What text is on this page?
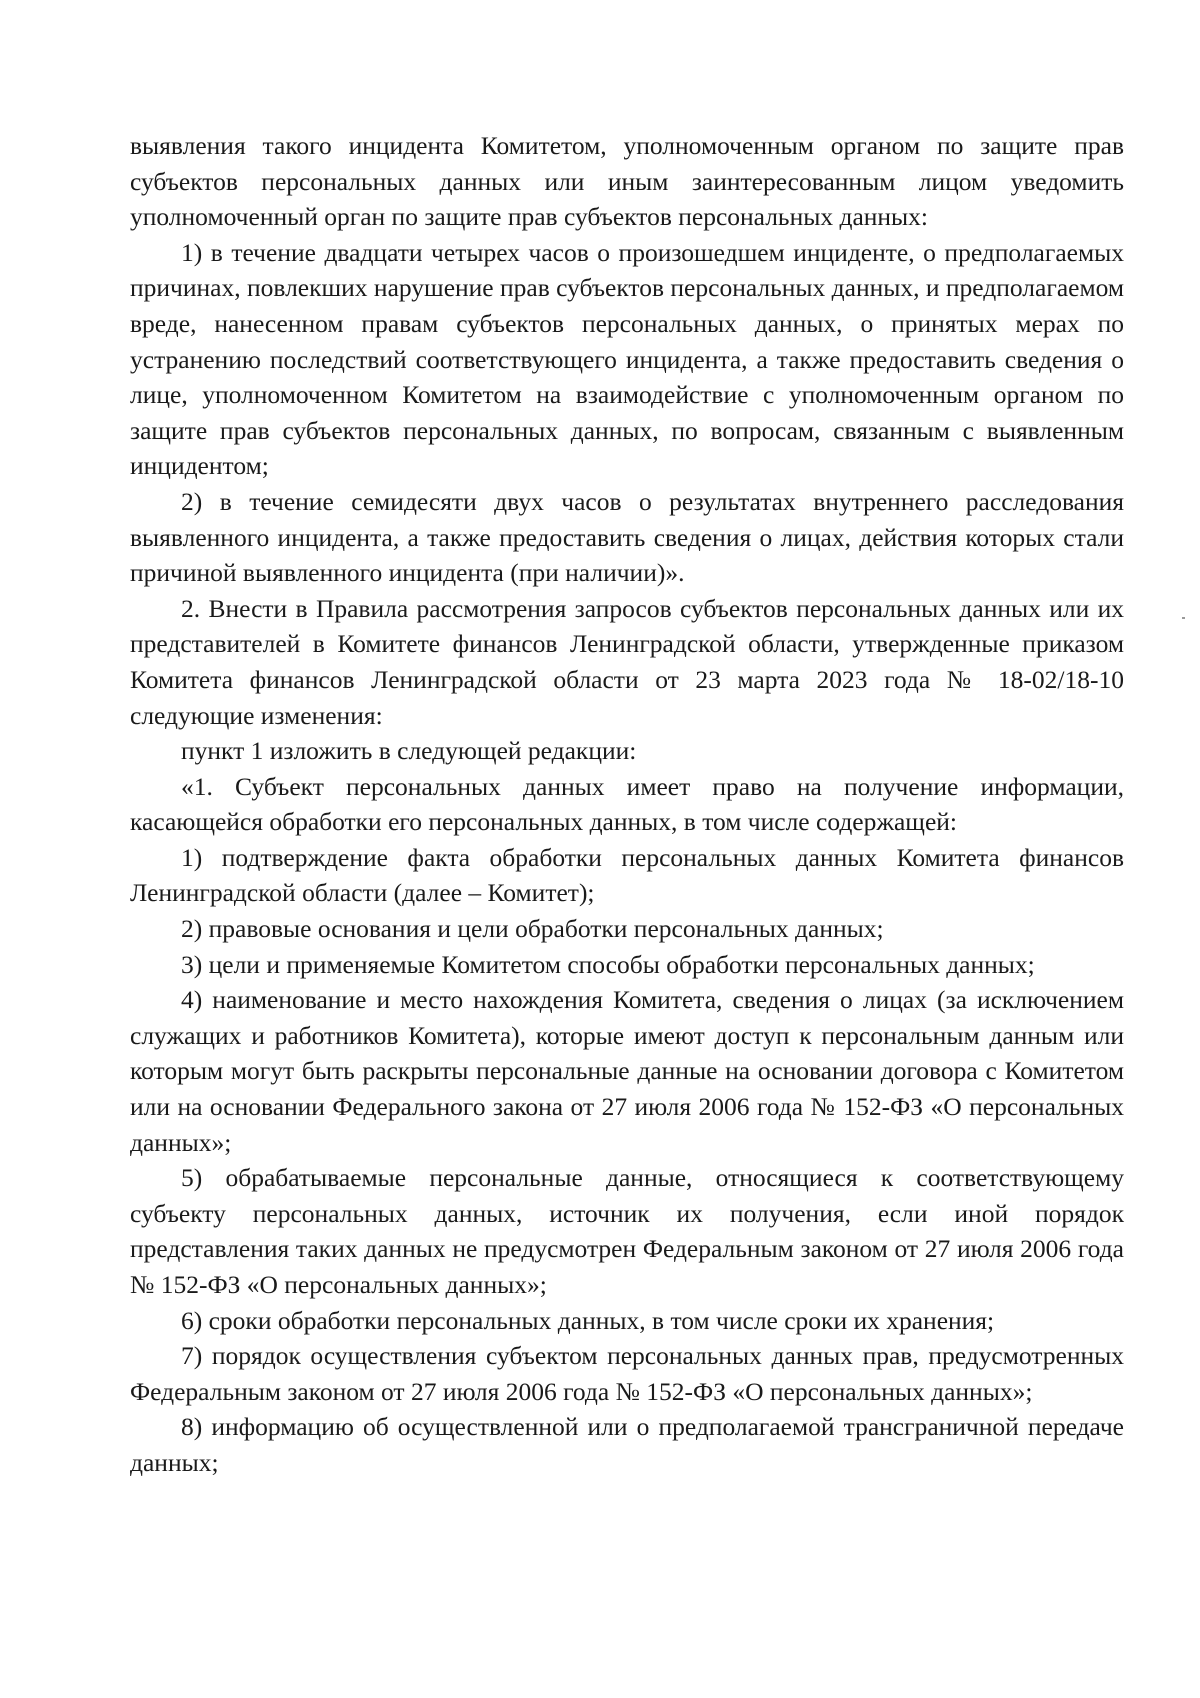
выявления такого инцидента Комитетом, уполномоченным органом по защите прав субъектов персональных данных или иным заинтересованным лицом уведомить уполномоченный орган по защите прав субъектов персональных данных:

1) в течение двадцати четырех часов о произошедшем инциденте, о предполагаемых причинах, повлекших нарушение прав субъектов персональных данных, и предполагаемом вреде, нанесенном правам субъектов персональных данных, о принятых мерах по устранению последствий соответствующего инцидента, а также предоставить сведения о лице, уполномоченном Комитетом на взаимодействие с уполномоченным органом по защите прав субъектов персональных данных, по вопросам, связанным с выявленным инцидентом;

2) в течение семидесяти двух часов о результатах внутреннего расследования выявленного инцидента, а также предоставить сведения о лицах, действия которых стали причиной выявленного инцидента (при наличии)».

2. Внести в Правила рассмотрения запросов субъектов персональных данных или их представителей в Комитете финансов Ленинградской области, утвержденные приказом Комитета финансов Ленинградской области от 23 марта 2023 года № 18-02/18-10 следующие изменения:

пункт 1 изложить в следующей редакции:

«1. Субъект персональных данных имеет право на получение информации, касающейся обработки его персональных данных, в том числе содержащей:

1) подтверждение факта обработки персональных данных Комитета финансов Ленинградской области (далее – Комитет);

2) правовые основания и цели обработки персональных данных;

3) цели и применяемые Комитетом способы обработки персональных данных;

4) наименование и место нахождения Комитета, сведения о лицах (за исключением служащих и работников Комитета), которые имеют доступ к персональным данным или которым могут быть раскрыты персональные данные на основании договора с Комитетом или на основании Федерального закона от 27 июля 2006 года № 152-ФЗ «О персональных данных»;

5) обрабатываемые персональные данные, относящиеся к соответствующему субъекту персональных данных, источник их получения, если иной порядок представления таких данных не предусмотрен Федеральным законом от 27 июля 2006 года № 152-ФЗ «О персональных данных»;

6) сроки обработки персональных данных, в том числе сроки их хранения;

7) порядок осуществления субъектом персональных данных прав, предусмотренных Федеральным законом от 27 июля 2006 года № 152-ФЗ «О персональных данных»;

8) информацию об осуществленной или о предполагаемой трансграничной передаче данных;
